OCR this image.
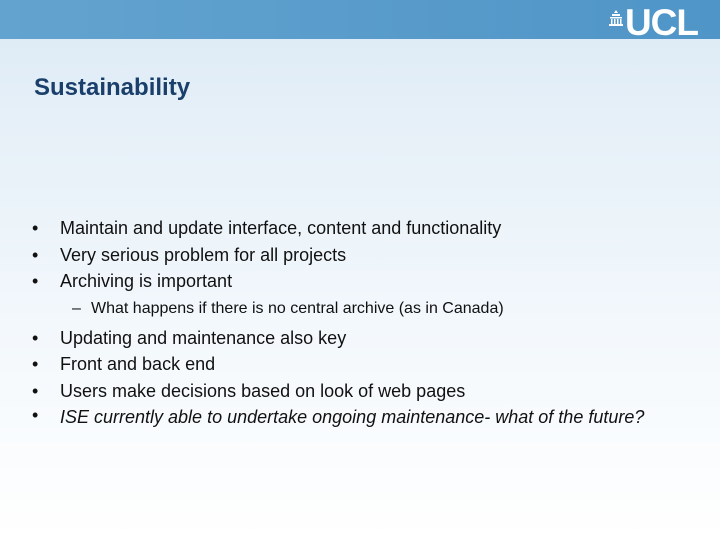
UCL
Sustainability
•	Maintain and update interface, content and functionality
•	Very serious problem for all projects
•	Archiving is important
– What happens if there is no central archive (as in Canada)
•	Updating and maintenance also key
•	Front and back end
•	Users make decisions based on look of web pages
•	ISE currently able to undertake ongoing maintenance- what of the future?
